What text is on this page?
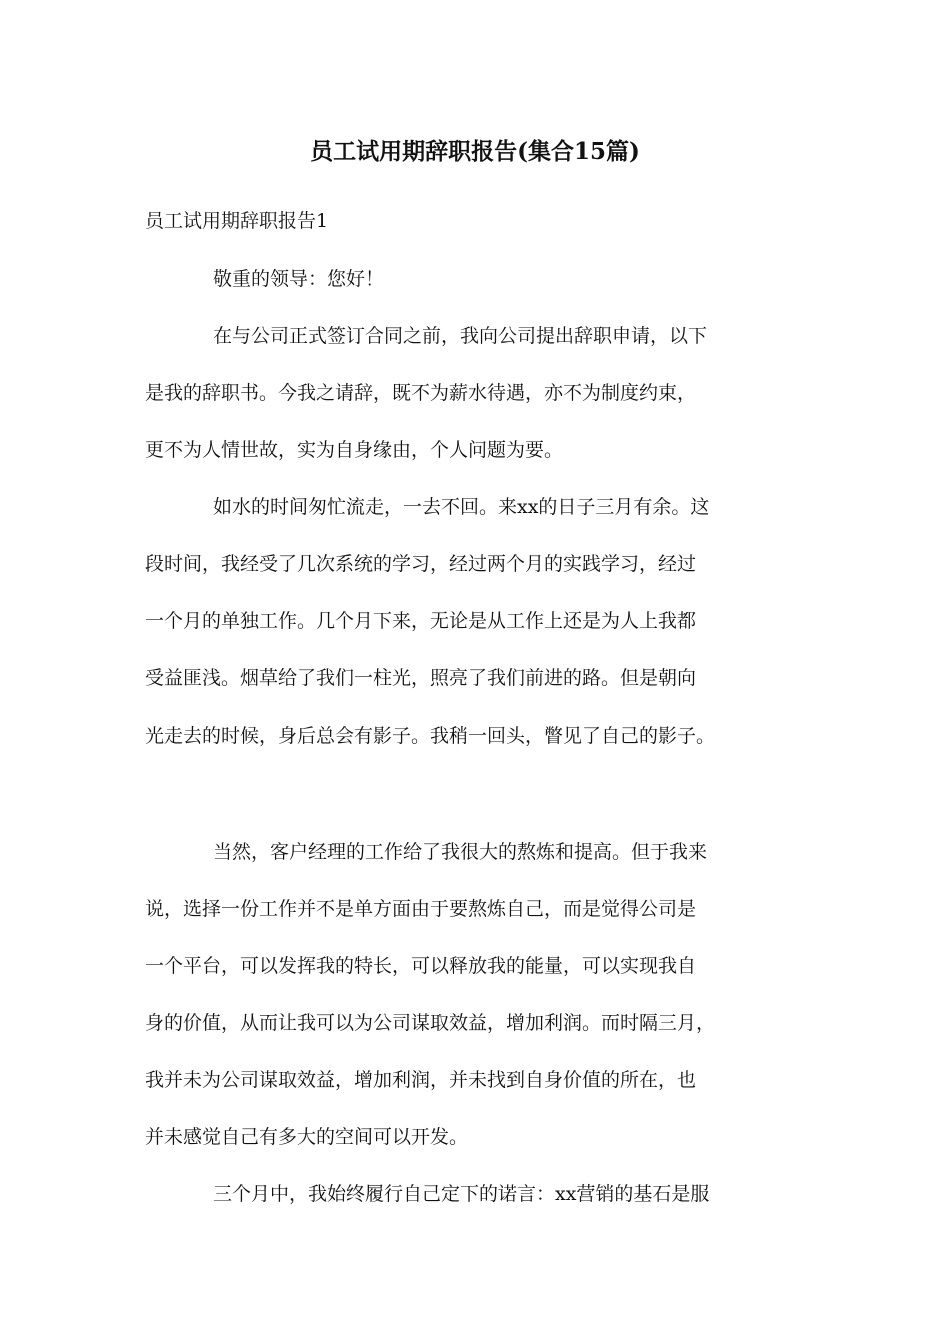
员工试用期辞职报告(集合15篇)

员工试用期辞职报告1

敬重的领导：您好！

在与公司正式签订合同之前，我向公司提出辞职申请，以下

是我的辞职书。今我之请辞，既不为薪水待遇，亦不为制度约束，

更不为人情世故，实为自身缘由，个人问题为要。

如水的时间匆忙流走，一去不回。来xx的日子三月有余。这

段时间，我经受了几次系统的学习，经过两个月的实践学习，经过

一个月的单独工作。几个月下来，无论是从工作上还是为人上我都

受益匪浅。烟草给了我们一柱光，照亮了我们前进的路。但是朝向

光走去的时候，身后总会有影子。我稍一回头，瞥见了自己的影子。

当然，客户经理的工作给了我很大的熬炼和提高。但于我来

说，选择一份工作并不是单方面由于要熬炼自己，而是觉得公司是

一个平台，可以发挥我的特长，可以释放我的能量，可以实现我自

身的价值，从而让我可以为公司谋取效益，增加利润。而时隔三月，

我并未为公司谋取效益，增加利润，并未找到自身价值的所在，也

并未感觉自己有多大的空间可以开发。

三个月中，我始终履行自己定下的诺言：xx营销的基石是服
